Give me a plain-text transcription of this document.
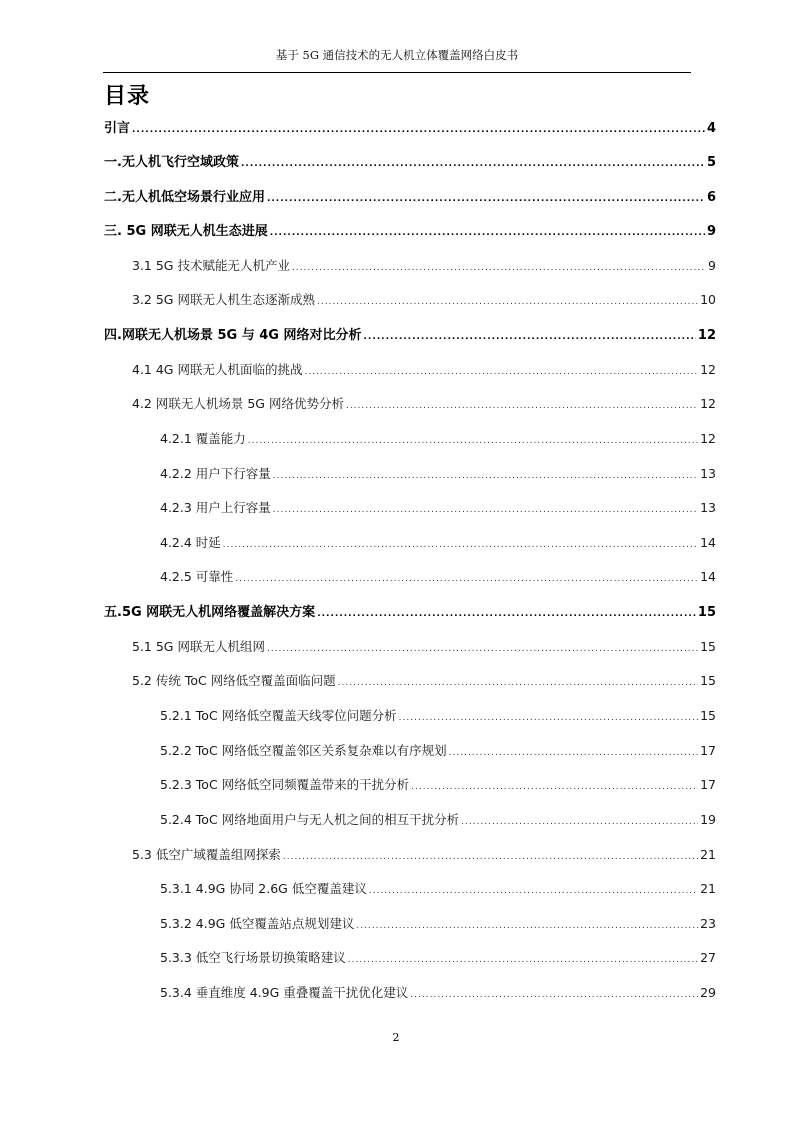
基于 5G 通信技术的无人机立体覆盖网络白皮书
目录
引言 .....	4
一.无人机飞行空域政策 .....	5
二.无人机低空场景行业应用 .....	6
三. 5G 网联无人机生态进展 .....	9
3.1 5G 技术赋能无人机产业 .....	9
3.2 5G 网联无人机生态逐渐成熟 .....	10
四.网联无人机场景 5G 与 4G 网络对比分析 .....	12
4.1 4G 网联无人机面临的挑战 .....	12
4.2 网联无人机场景 5G 网络优势分析 .....	12
4.2.1 覆盖能力 .....	12
4.2.2 用户下行容量 .....	13
4.2.3 用户上行容量 .....	13
4.2.4 时延 .....	14
4.2.5 可靠性 .....	14
五.5G 网联无人机网络覆盖解决方案 .....	15
5.1 5G 网联无人机组网 .....	15
5.2 传统 ToC 网络低空覆盖面临问题 .....	15
5.2.1 ToC 网络低空覆盖天线零位问题分析 .....	15
5.2.2 ToC 网络低空覆盖邻区关系复杂难以有序规划 .....	17
5.2.3 ToC 网络低空同频覆盖带来的干扰分析 .....	17
5.2.4 ToC 网络地面用户与无人机之间的相互干扰分析 .....	19
5.3 低空广域覆盖组网探索 .....	21
5.3.1 4.9G 协同 2.6G 低空覆盖建议 .....	21
5.3.2 4.9G 低空覆盖站点规划建议 .....	23
5.3.3 低空飞行场景切换策略建议 .....	27
5.3.4 垂直维度 4.9G 重叠覆盖干扰优化建议 .....	29
2
